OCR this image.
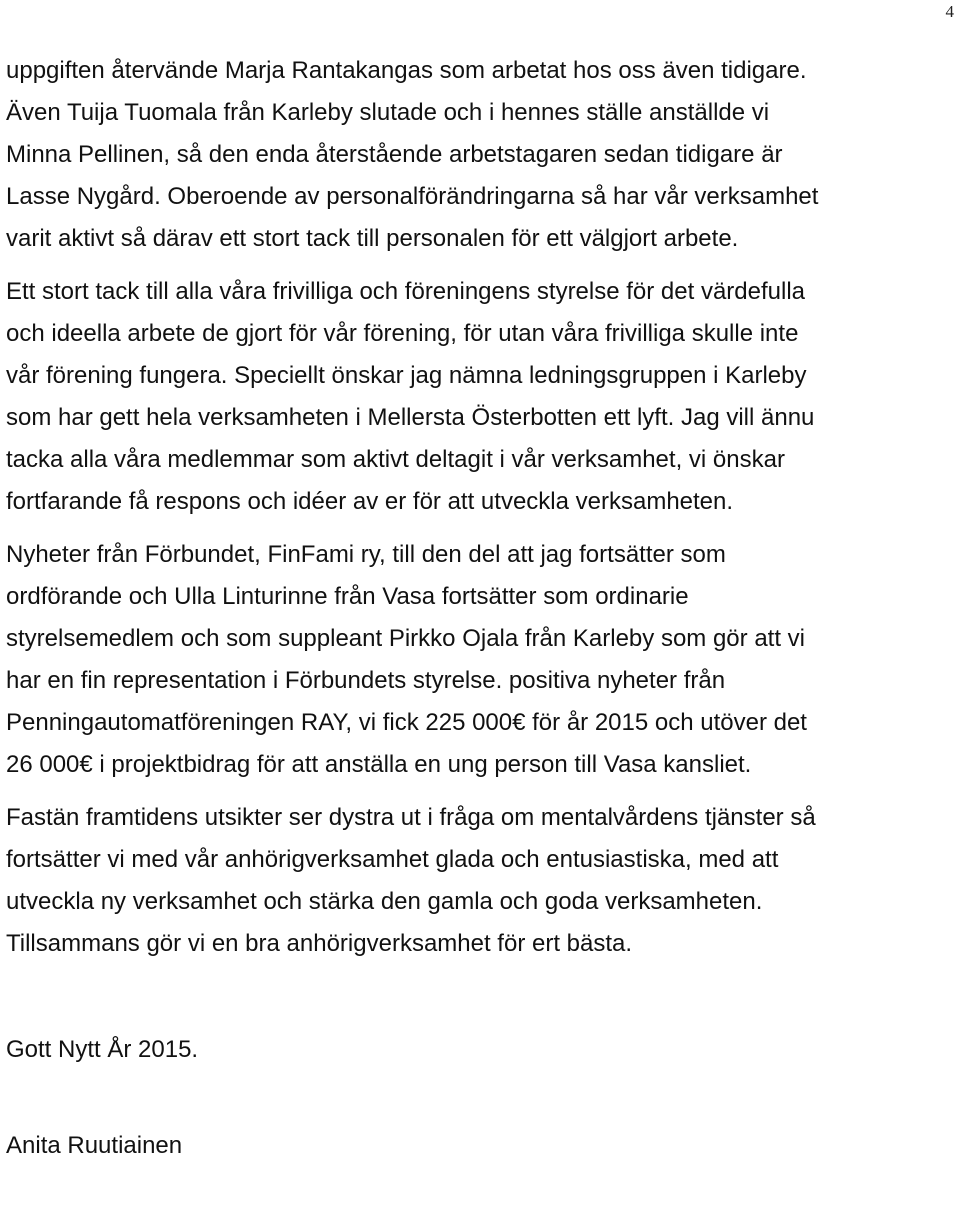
4
uppgiften återvände Marja Rantakangas som arbetat hos oss även tidigare.
Även Tuija Tuomala från Karleby slutade och i hennes ställe anställde vi
Minna Pellinen, så den enda återstående arbetstagaren sedan tidigare är
Lasse Nygård. Oberoende av personalförändringarna så har vår verksamhet
varit aktivt så därav ett stort tack till personalen för ett välgjort arbete.
Ett stort tack till alla våra frivilliga och föreningens styrelse för det värdefulla
och ideella arbete de gjort för vår förening, för utan våra frivilliga skulle inte
vår förening fungera. Speciellt önskar jag nämna ledningsgruppen i Karleby
som har gett hela verksamheten i Mellersta Österbotten ett lyft. Jag vill ännu
tacka alla våra medlemmar som aktivt deltagit i vår verksamhet, vi önskar
fortfarande få respons och idéer av er för att utveckla verksamheten.
Nyheter från Förbundet, FinFami ry, till den del att jag fortsätter som
ordförande och Ulla Linturinne från Vasa fortsätter som ordinarie
styrelsemedlem och som suppleant Pirkko Ojala från Karleby som gör att vi
har en fin representation i Förbundets styrelse. positiva nyheter från
Penningautomatföreningen RAY, vi fick 225 000€ för år 2015 och utöver det
26 000€ i projektbidrag för att anställa en ung person till Vasa kansliet.
Fastän framtidens utsikter ser dystra ut i fråga om mentalvårdens tjänster så
fortsätter vi med vår anhörigverksamhet glada och entusiastiska, med att
utveckla ny verksamhet och stärka den gamla och goda verksamheten.
Tillsammans gör vi en bra anhörigverksamhet för ert bästa.
Gott Nytt År 2015.
Anita Ruutiainen
